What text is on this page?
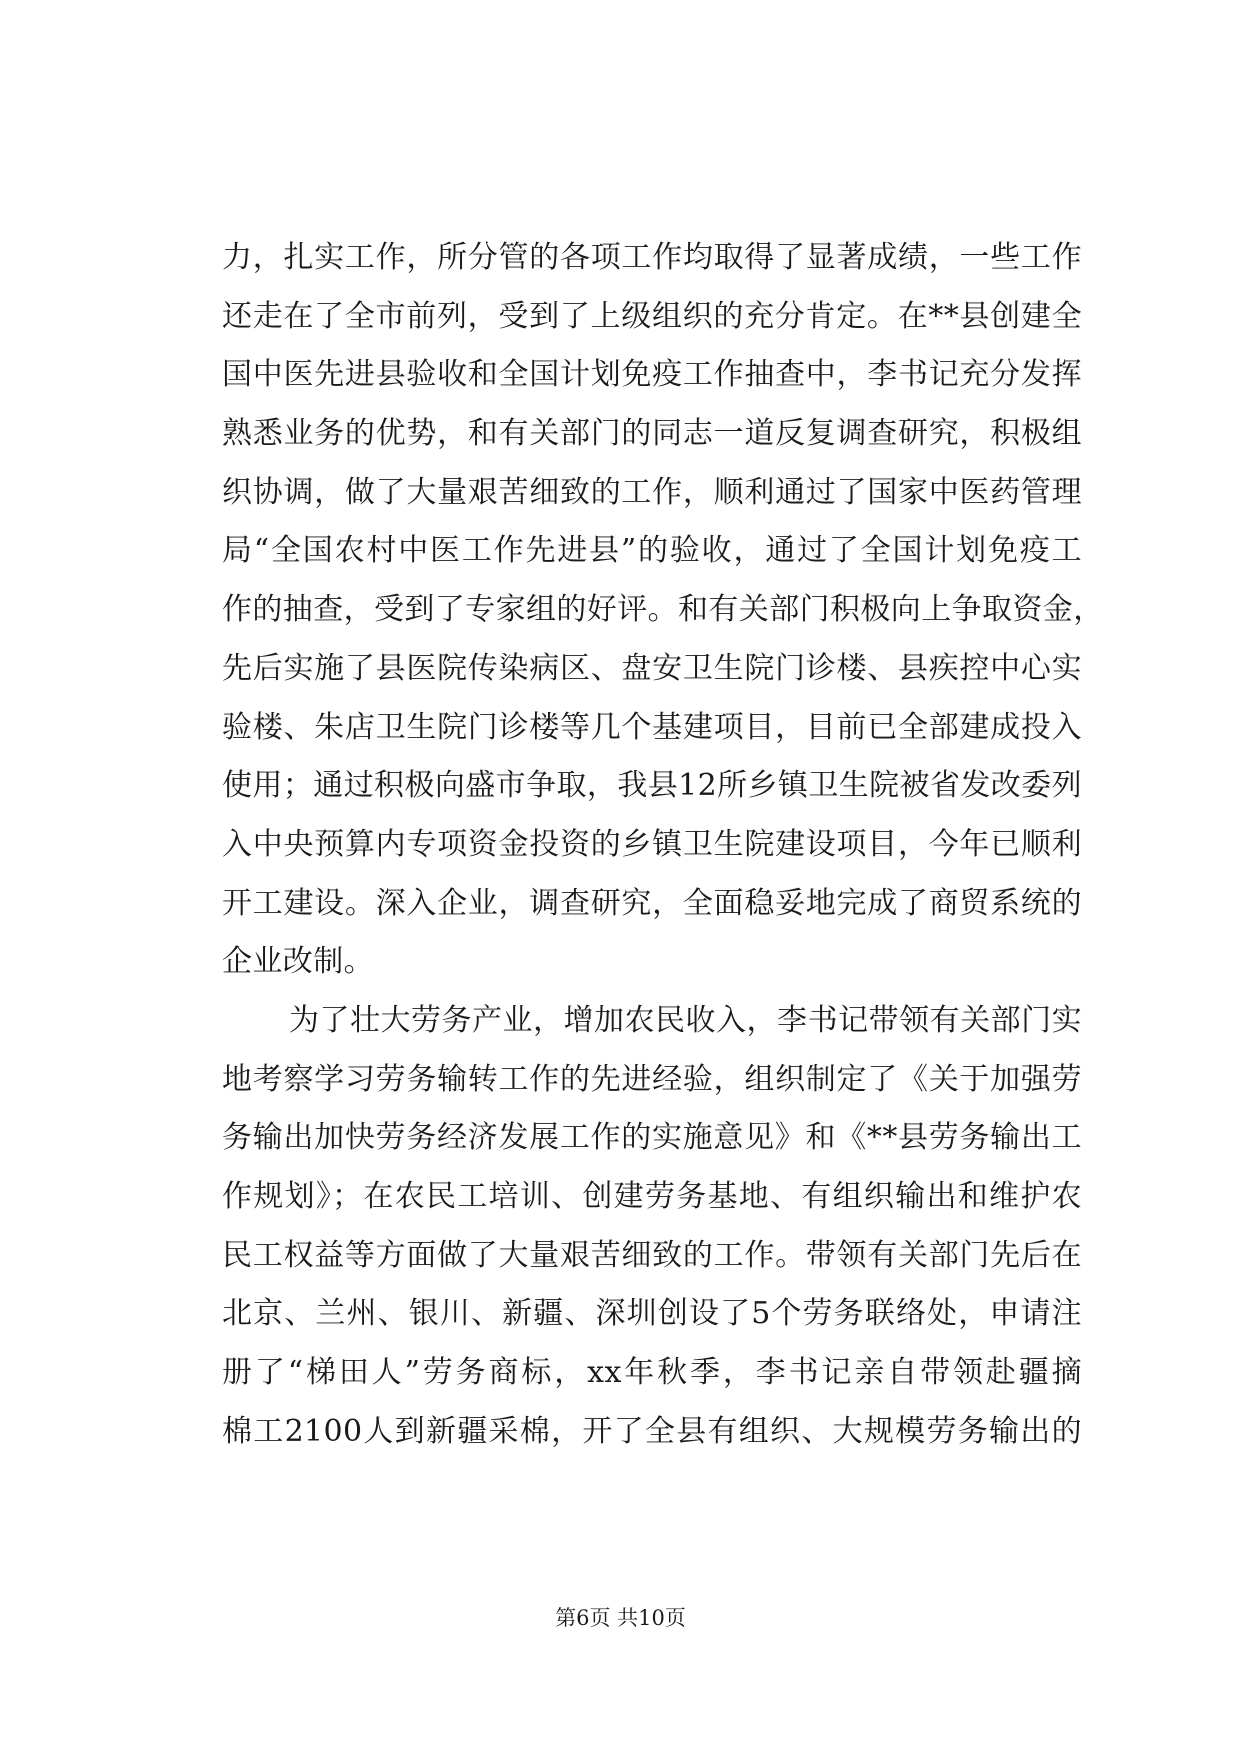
力，扎实工作，所分管的各项工作均取得了显著成绩，一些工作
还走在了全市前列，受到了上级组织的充分肯定。在**县创建全
国中医先进县验收和全国计划免疫工作抽查中，李书记充分发挥
熟悉业务的优势，和有关部门的同志一道反复调查研究，积极组
织协调，做了大量艰苦细致的工作，顺利通过了国家中医药管理
局“全国农村中医工作先进县”的验收，通过了全国计划免疫工
作的抽查，受到了专家组的好评。和有关部门积极向上争取资金，
先后实施了县医院传染病区、盘安卫生院门诊楼、县疾控中心实
验楼、朱店卫生院门诊楼等几个基建项目，目前已全部建成投入
使用；通过积极向盛市争取，我县12所乡镇卫生院被省发改委列
入中央预算内专项资金投资的乡镇卫生院建设项目，今年已顺利
开工建设。深入企业，调查研究，全面稳妥地完成了商贸系统的
企业改制。
为了壮大劳务产业，增加农民收入，李书记带领有关部门实
地考察学习劳务输转工作的先进经验，组织制定了《关于加强劳
务输出加快劳务经济发展工作的实施意见》和《**县劳务输出工
作规划》；在农民工培训、创建劳务基地、有组织输出和维护农
民工权益等方面做了大量艰苦细致的工作。带领有关部门先后在
北京、兰州、银川、新疆、深圳创设了5个劳务联络处，申请注
册了“梯田人”劳务商标，xx年秋季，李书记亲自带领赴疆摘
棉工2100人到新疆采棉，开了全县有组织、大规模劳务输出的
第6页 共10页
